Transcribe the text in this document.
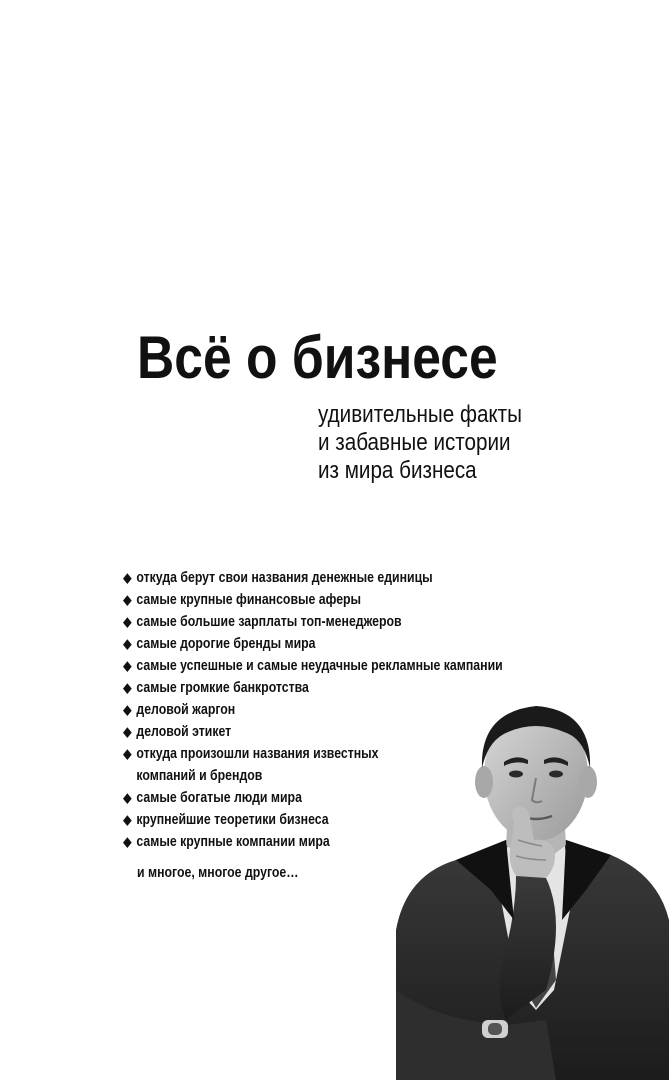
Всё о бизнесе
удивительные факты
и забавные истории
из мира бизнеса
◆ откуда берут свои названия денежные единицы
◆ самые крупные финансовые аферы
◆ самые большие зарплаты топ-менеджеров
◆ самые дорогие бренды мира
◆ самые успешные и самые неудачные рекламные кампании
◆ самые громкие банкротства
◆ деловой жаргон
◆ деловой этикет
◆ откуда произошли названия известных
компаний и брендов
◆ самые богатые люди мира
◆ крупнейшие теоретики бизнеса
◆ самые крупные компании мира

и многое, многое другое…
